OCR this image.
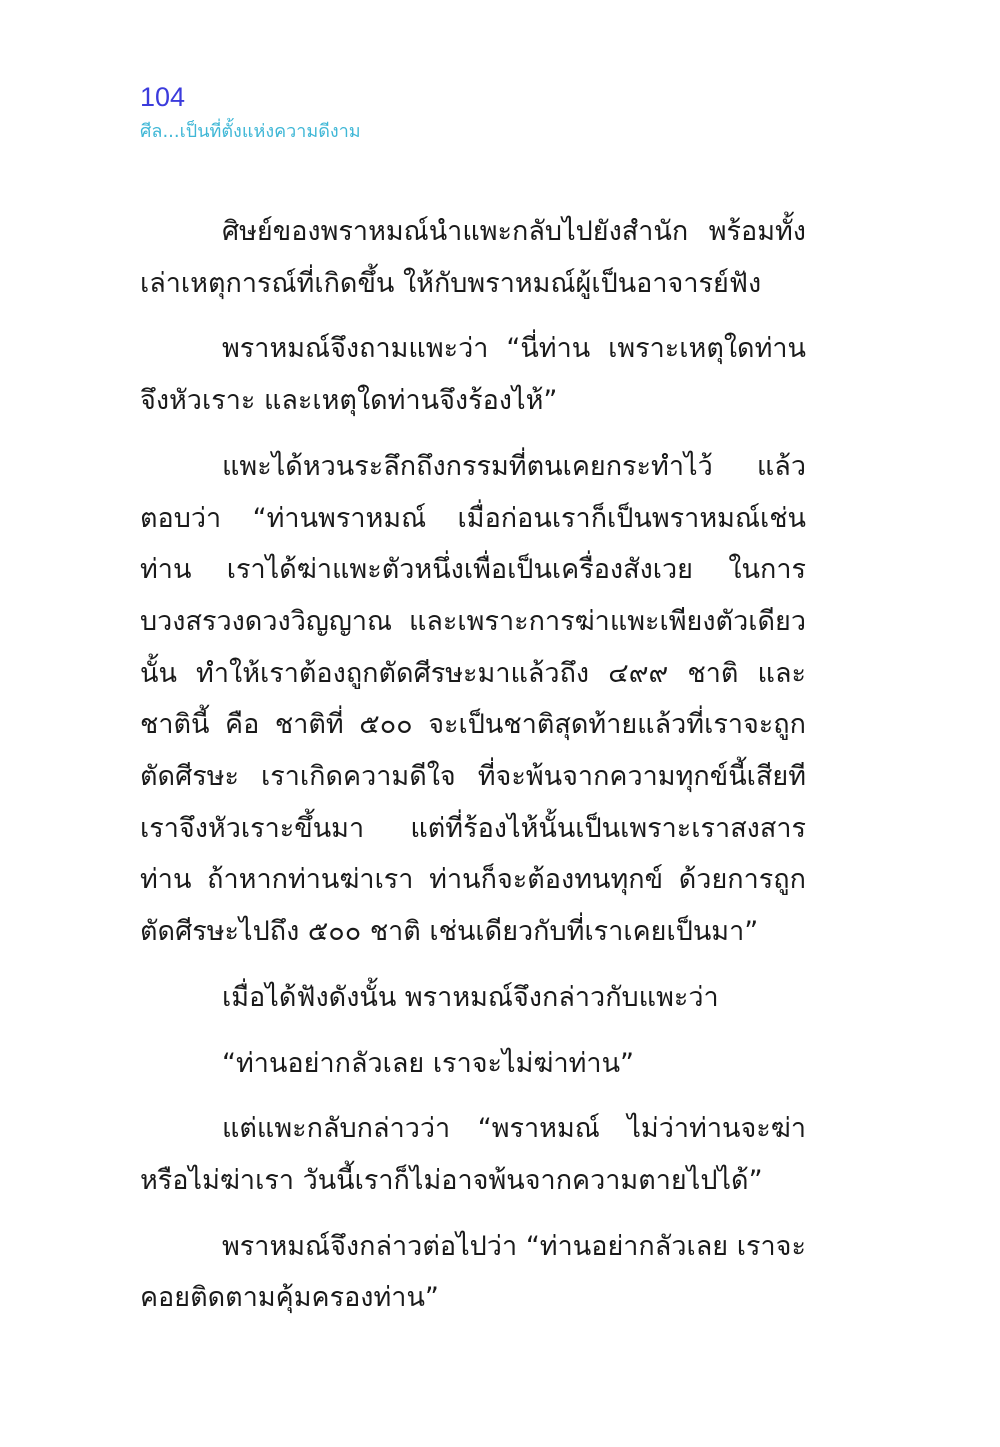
104
ศีล...เป็นที่ตั้งแห่งความดีงาม

ศิษย์ของพราหมณ์นำแพะกลับไปยังสำนัก พร้อมทั้งเล่าเหตุการณ์ที่เกิดขึ้น ให้กับพราหมณ์ผู้เป็นอาจารย์ฟัง

พราหมณ์จึงถามแพะว่า “นี่ท่าน เพราะเหตุใดท่านจึงหัวเราะ และเหตุใดท่านจึงร้องไห้”

แพะได้หวนระลึกถึงกรรมที่ตนเคยกระทำไว้ แล้วตอบว่า “ท่านพราหมณ์ เมื่อก่อนเราก็เป็นพราหมณ์เช่นท่าน เราได้ฆ่าแพะตัวหนึ่งเพื่อเป็นเครื่องสังเวย ในการบวงสรวงดวงวิญญาณ และเพราะการฆ่าแพะเพียงตัวเดียวนั้น ทำให้เราต้องถูกตัดศีรษะมาแล้วถึง ๔๙๙ ชาติ และชาตินี้ คือ ชาติที่ ๕๐๐ จะเป็นชาติสุดท้ายแล้วที่เราจะถูกตัดศีรษะ เราเกิดความดีใจ ที่จะพ้นจากความทุกข์นี้เสียที เราจึงหัวเราะขึ้นมา แต่ที่ร้องไห้นั้นเป็นเพราะเราสงสารท่าน ถ้าหากท่านฆ่าเรา ท่านก็จะต้องทนทุกข์ ด้วยการถูกตัดศีรษะไปถึง ๕๐๐ ชาติ เช่นเดียวกับที่เราเคยเป็นมา”

เมื่อได้ฟังดังนั้น พราหมณ์จึงกล่าวกับแพะว่า

“ท่านอย่ากลัวเลย เราจะไม่ฆ่าท่าน”

แต่แพะกลับกล่าวว่า “พราหมณ์ ไม่ว่าท่านจะฆ่าหรือไม่ฆ่าเรา วันนี้เราก็ไม่อาจพ้นจากความตายไปได้”

พราหมณ์จึงกล่าวต่อไปว่า “ท่านอย่ากลัวเลย เราจะคอยติดตามคุ้มครองท่าน”
